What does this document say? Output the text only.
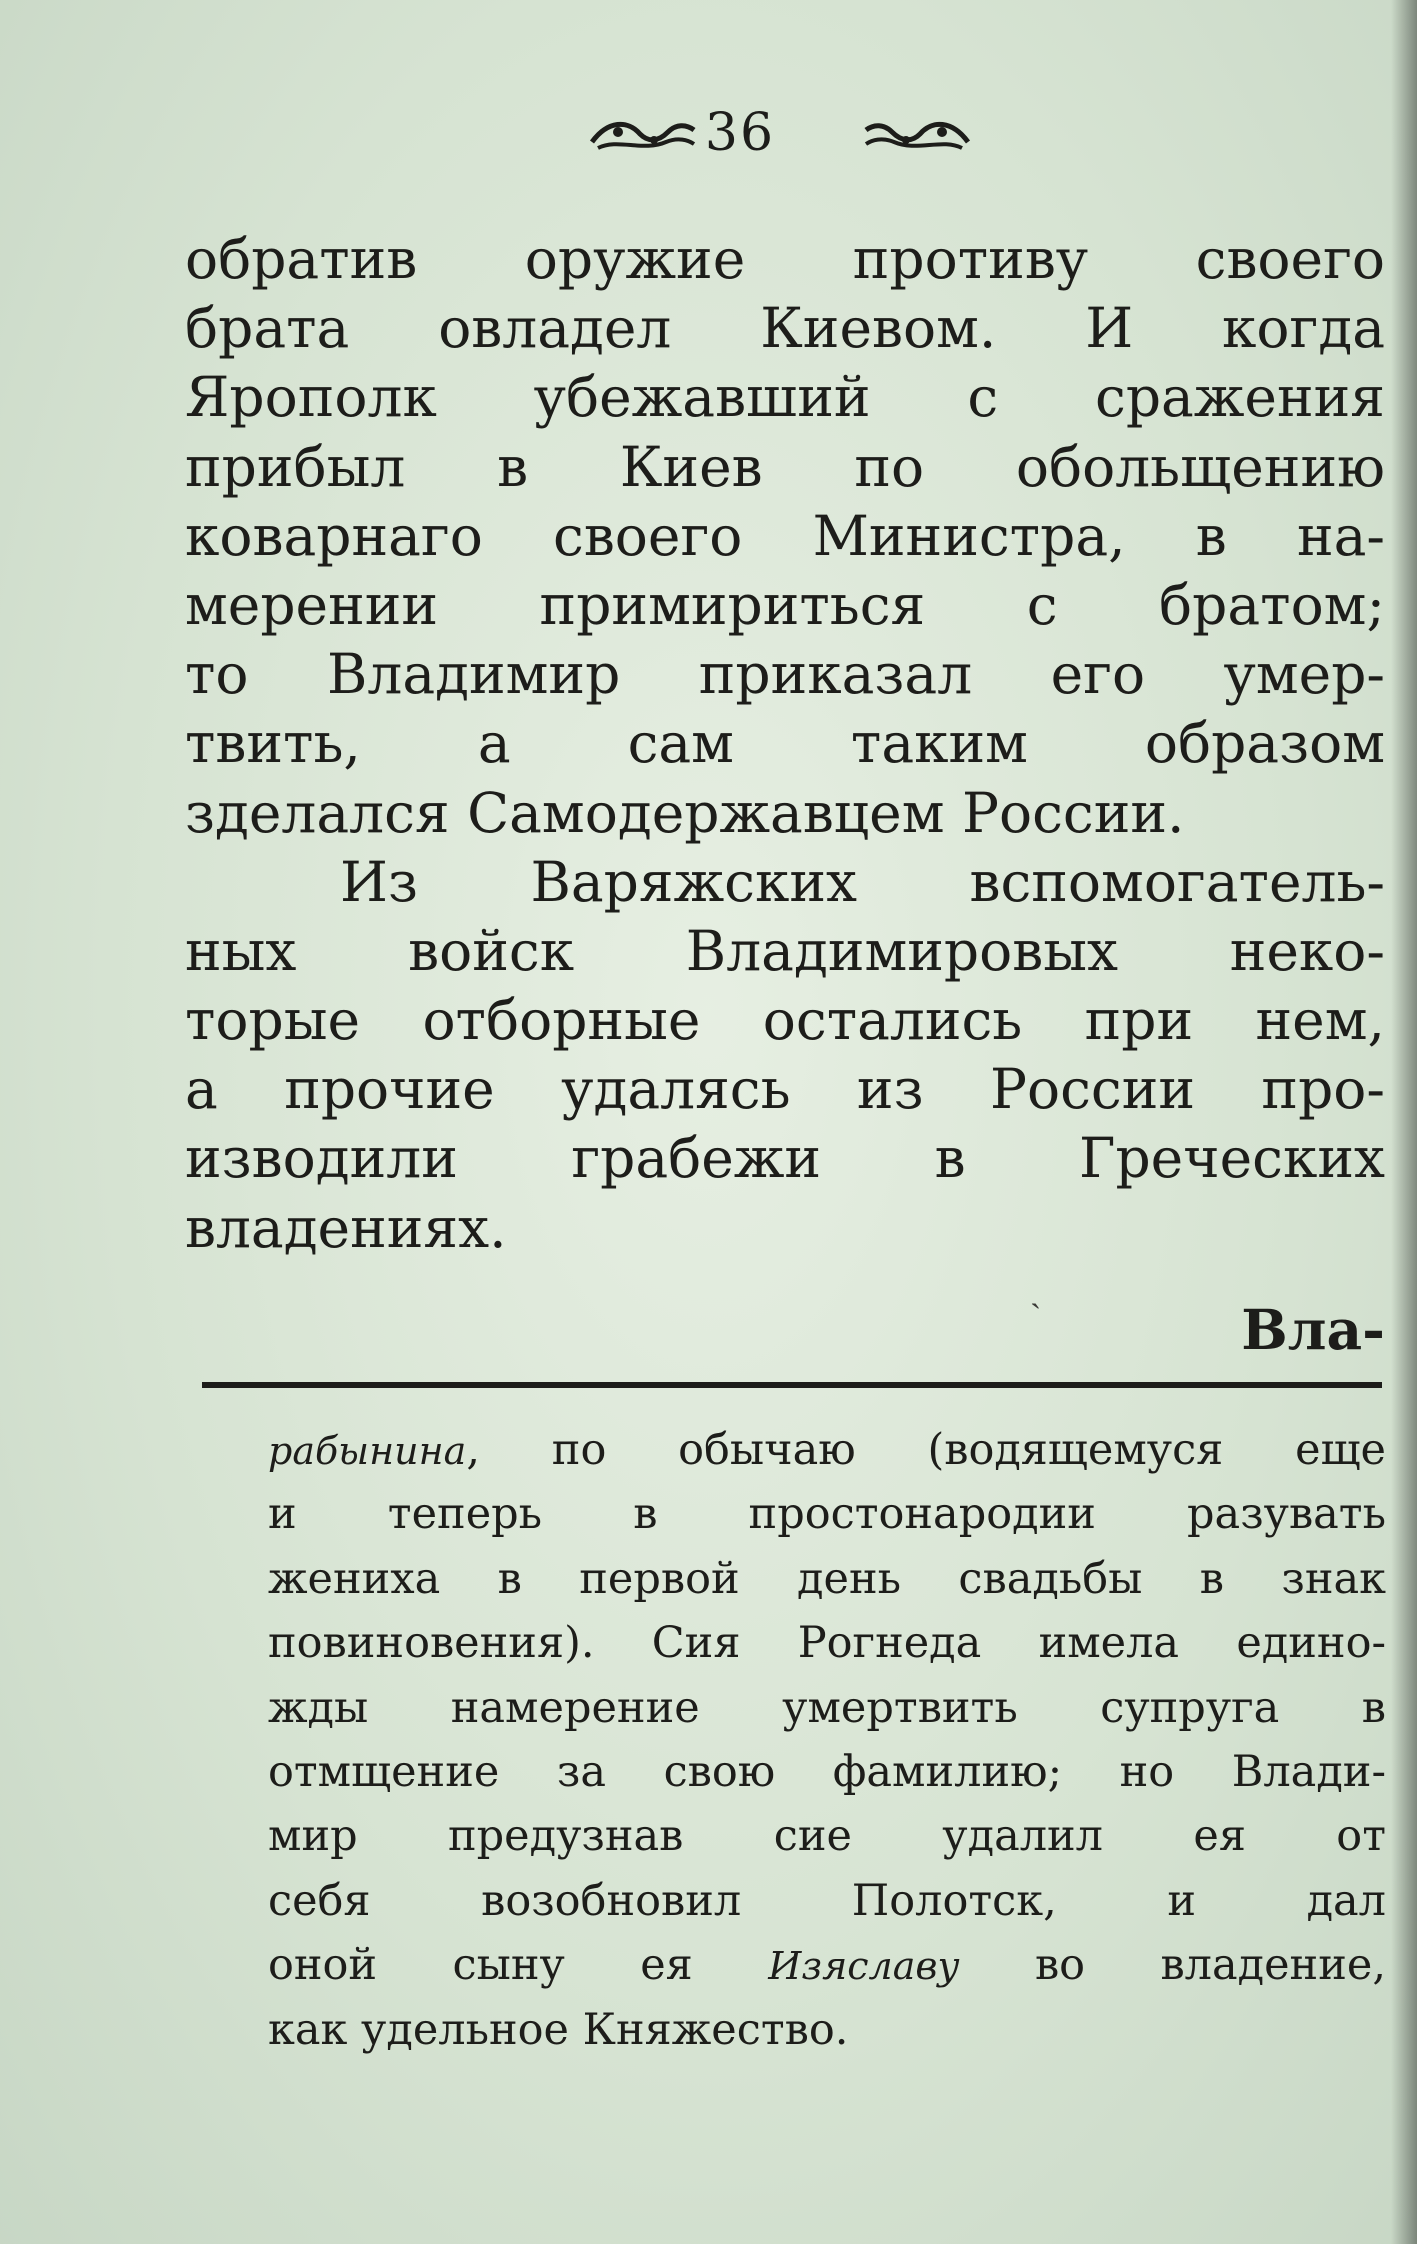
36
обратив оружие противу своего
брата овладел Киевом. И когда
Ярополк убежавший с сражения
прибыл в Киев по обольщению
коварнаго своего Министра, в на-
мерении примириться с братом;
то Владимир приказал его умер-
твить, а сам таким образом
зделался Самодержавцем России.
Из Варяжских вспомогатель-
ных войск Владимировых неко-
торые отборные остались при нем,
а прочие удалясь из России про-
изводили грабежи в Греческих
владениях.
ˏ
Вла-
рабынина, по обычаю (водящемуся еще
и теперь в простонародии разувать
жениха в первой день свадьбы в знак
повиновения). Сия Рогнеда имела едино-
жды намерение умертвить супруга в
отмщение за свою фамилию; но Влади-
мир предузнав сие удалил ея от
себя возобновил Полотск, и дал
оной сыну ея Изяславу во владение,
как удельное Княжество.
